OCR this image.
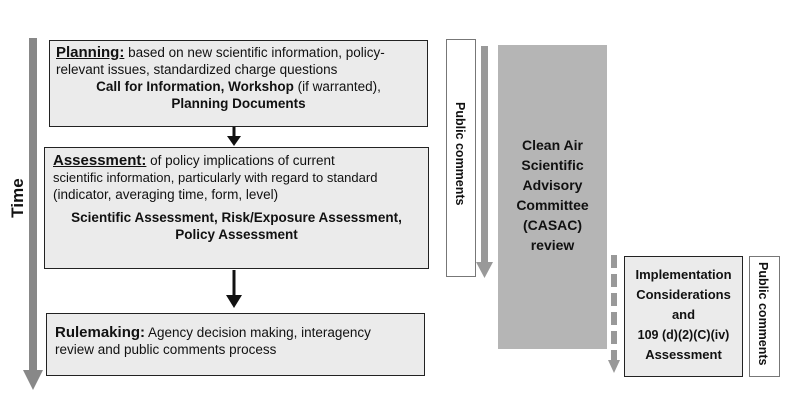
Time
Planning: based on new scientific information, policy-
relevant issues, standardized charge questions
Call for Information, Workshop (if warranted),
Planning Documents
Assessment: of policy implications of current
scientific information, particularly with regard to standard
(indicator, averaging time, form, level)
Scientific Assessment, Risk/Exposure Assessment,
Policy Assessment
Rulemaking: Agency decision making, interagency
review and public comments process
Public comments	Clean Air
Scientific
Advisory
Committee
(CASAC)
review
Implementation
Considerations
and
109 (d)(2)(C)(iv)
Assessment	Public comments
